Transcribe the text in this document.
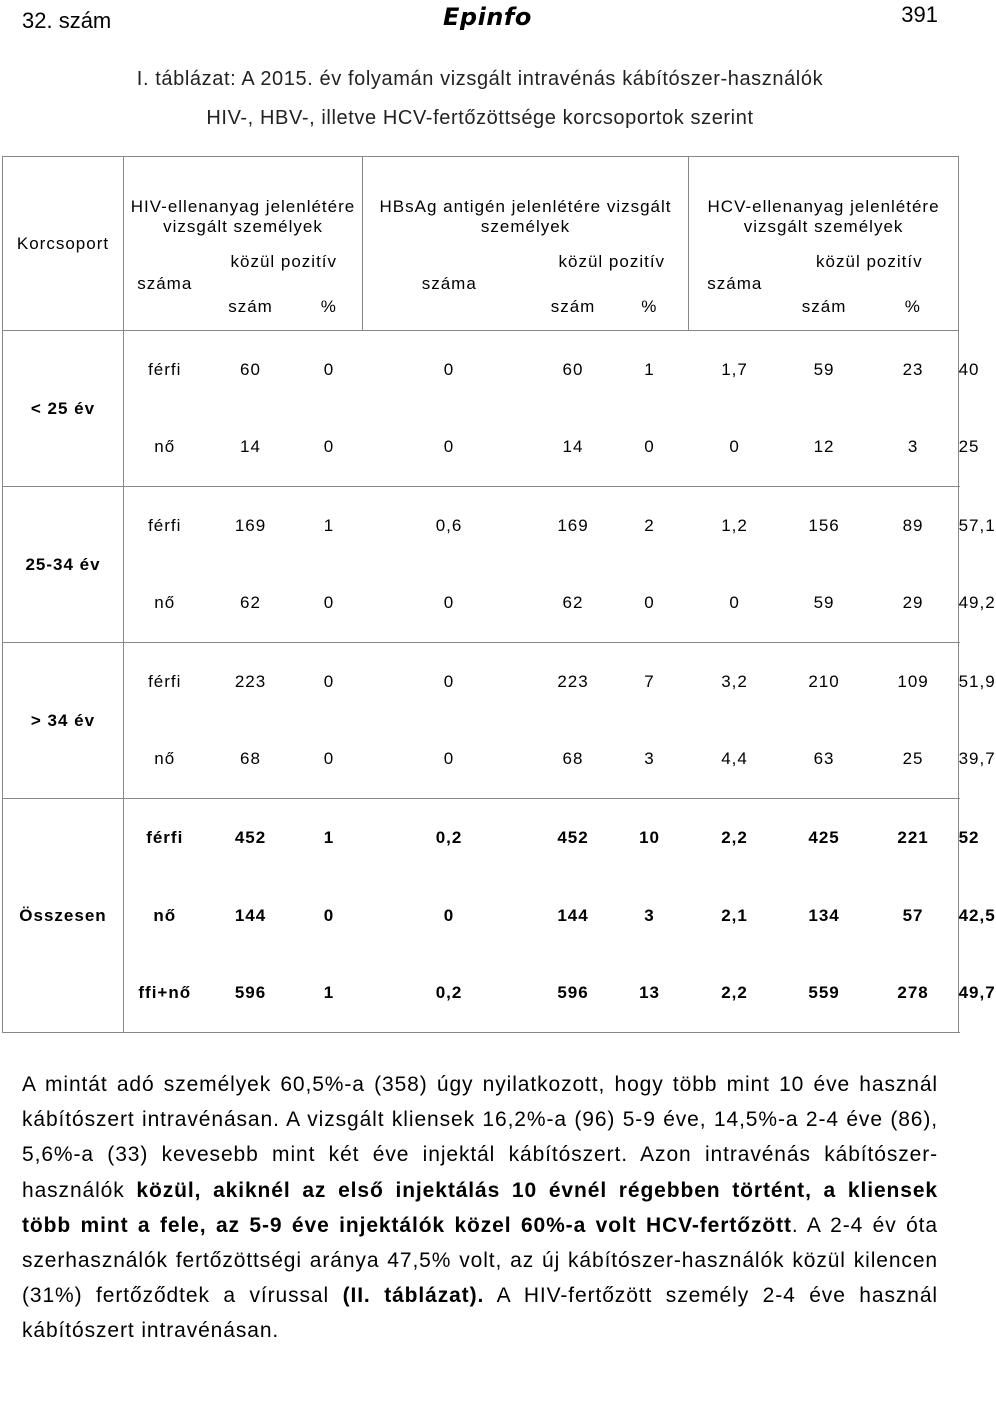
32. szám	Epinfo	391
I. táblázat: A 2015. év folyamán vizsgált intravénás kábítószer-használók
HIV-, HBV-, illetve HCV-fertőzöttsége korcsoportok szerint
Korcsoport	HIV-ellenanyag jelenlétére vizsgált személyek			HBsAg antigén jelenlétére vizsgált személyek			HCV-ellenanyag jelenlétére vizsgált személyek			
	száma	közül pozitív		száma	közül pozitív		száma	közül pozitív		
		szám	%		szám	%		szám	%	
< 25 év	férfi	60	0	0	60	1	1,7	59	23	40
	nő	14	0	0	14	0	0	12	3	25
25-34 év	férfi	169	1	0,6	169	2	1,2	156	89	57,1
	nő	62	0	0	62	0	0	59	29	49,2
> 34 év	férfi	223	0	0	223	7	3,2	210	109	51,9
	nő	68	0	0	68	3	4,4	63	25	39,7
Összesen	férfi	452	1	0,2	452	10	2,2	425	221	52
	nő	144	0	0	144	3	2,1	134	57	42,5
	ffi+nő	596	1	0,2	596	13	2,2	559	278	49,7
A mintát adó személyek 60,5%-a (358) úgy nyilatkozott, hogy több mint 10 éve használ kábítószert intravénásan. A vizsgált kliensek 16,2%-a (96) 5-9 éve, 14,5%-a 2-4 éve (86), 5,6%-a (33) kevesebb mint két éve injektál kábítószert. Azon intravénás kábítószer-használók közül, akiknél az első injektálás 10 évnél régebben történt, a kliensek több mint a fele, az 5-9 éve injektálók közel 60%-a volt HCV-fertőzött. A 2-4 év óta szerhasználók fertőzöttségi aránya 47,5% volt, az új kábítószer-használók közül kilencen (31%) fertőződtek a vírussal (II. táblázat). A HIV-fertőzött személy 2-4 éve használ kábítószert intravénásan.
